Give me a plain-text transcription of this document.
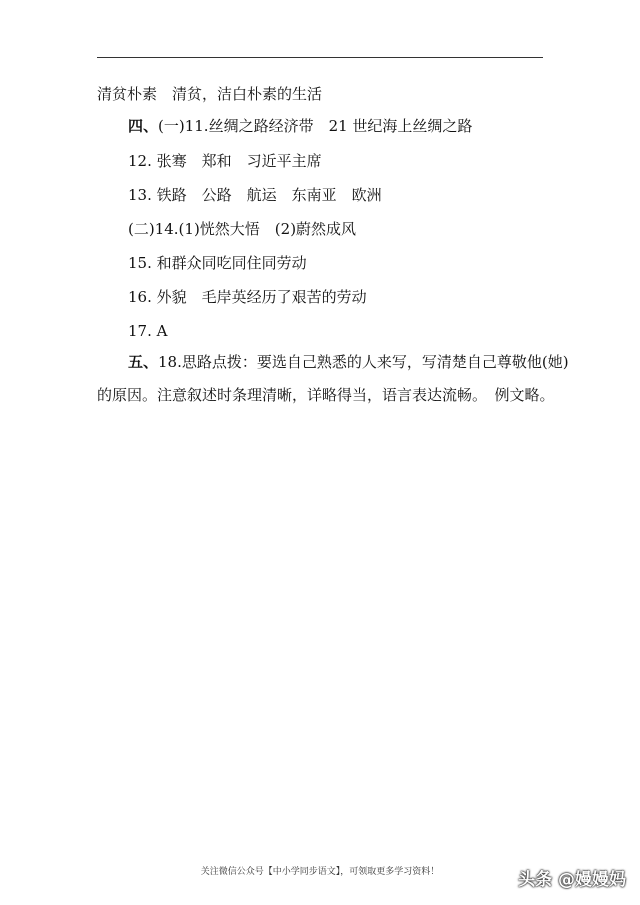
清贫朴素　清贫，洁白朴素的生活
四、(一)11.丝绸之路经济带　21 世纪海上丝绸之路
12. 张骞　郑和　习近平主席
13. 铁路　公路　航运　东南亚　欧洲
(二)14.(1)恍然大悟　(2)蔚然成风
15. 和群众同吃同住同劳动
16. 外貌　毛岸英经历了艰苦的劳动
17. A
五、18.思路点拨：要选自己熟悉的人来写，写清楚自己尊敬他(她)
的原因。注意叙述时条理清晰，详略得当，语言表达流畅。　例文略。
关注微信公众号【中小学同步语文】，可领取更多学习资料！	头条 @嫚嫚妈
